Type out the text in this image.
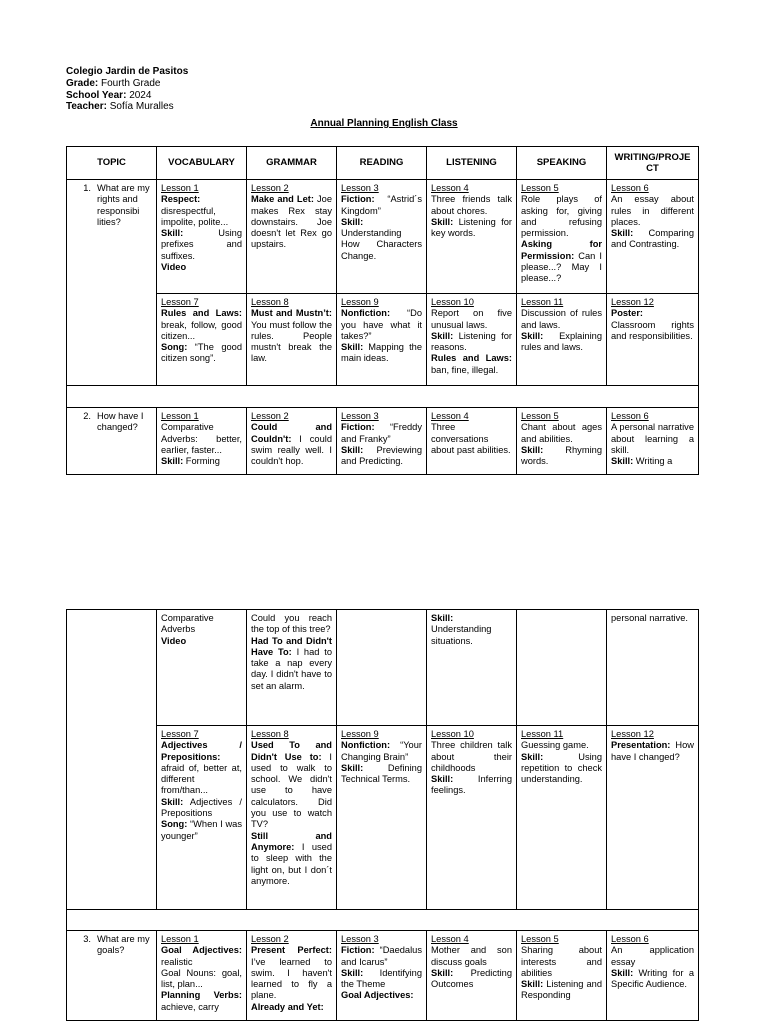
Colegio Jardin de Pasitos
Grade: Fourth Grade
School Year: 2024
Teacher: Sofía Muralles
Annual Planning English Class
TOPIC	VOCABULARY	GRAMMAR	READING	LISTENING	SPEAKING	WRITING/PROJE CT

1. What are my rights and responsibi lities?	Lesson 1
Respect: disrespectful, impolite, polite...
Skill: Using prefixes and suffixes.
Video	Lesson 2
Make and Let: Joe makes Rex stay downstairs. Joe doesn't let Rex go upstairs.	Lesson 3
Fiction: “Astrid´s Kingdom”
Skill: Understanding How Characters Change.	Lesson 4
Three friends talk about chores.
Skill: Listening for key words.	Lesson 5
Role plays of asking for, giving and refusing permission.
Asking for Permission: Can I please...? May I please...?	Lesson 6
An essay about rules in different places.
Skill: Comparing and Contrasting.

	Lesson 7
Rules and Laws: break, follow, good citizen...
Song: “The good citizen song”.	Lesson 8
Must and Mustn’t: You must follow the rules. People mustn't break the law.	Lesson 9
Nonfiction: “Do you have what it takes?”
Skill: Mapping the main ideas.	Lesson 10
Report on five unusual laws.
Skill: Listening for reasons.
Rules and Laws: ban, fine, illegal.	Lesson 11
Discussion of rules and laws.
Skill: Explaining rules and laws.	Lesson 12
Poster:
Classroom rights and responsibilities.

2. How have I changed?	Lesson 1
Comparative Adverbs: better, earlier, faster...
Skill: Forming	Lesson 2
Could and Couldn't: I could swim really well. I couldn't hop.	Lesson 3
Fiction: “Freddy and Franky”
Skill: Previewing and Predicting.	Lesson 4
Three conversations about past abilities.	Lesson 5
Chant about ages and abilities.
Skill: Rhyming words.	Lesson 6
A personal narrative about learning a skill.
Skill: Writing a
	Comparative Adverbs
Video	Could you reach the top of this tree?
Had To and Didn't Have To: I had to take a nap every day. I didn't have to set an alarm.		Skill:
Understanding situations.		personal narrative.

	Lesson 7
Adjectives / Prepositions: afraid of, better at, different from/than...
Skill: Adjectives / Prepositions
Song: “When I was younger”	Lesson 8
Used To and Didn't Use to: I used to walk to school. We didn't use to have calculators. Did you use to watch TV?
Still and Anymore: I used to sleep with the light on, but I don´t anymore.	Lesson 9
Nonfiction: “Your Changing Brain”
Skill: Defining Technical Terms.	Lesson 10
Three children talk about their childhoods
Skill: Inferring feelings.	Lesson 11
Guessing game.
Skill: Using repetition to check understanding.	Lesson 12
Presentation: How have I changed?

3. What are my goals?	Lesson 1
Goal Adjectives: realistic
Goal Nouns: goal, list, plan...
Planning Verbs: achieve, carry	Lesson 2
Present Perfect: I’ve learned to swim. I haven't learned to fly a plane.
Already and Yet:	Lesson 3
Fiction: “Daedalus and Icarus”
Skill: Identifying the Theme
Goal Adjectives:	Lesson 4
Mother and son discuss goals
Skill: Predicting Outcomes	Lesson 5
Sharing about interests and abilities
Skill: Listening and Responding	Lesson 6
An application essay
Skill: Writing for a Specific Audience.
